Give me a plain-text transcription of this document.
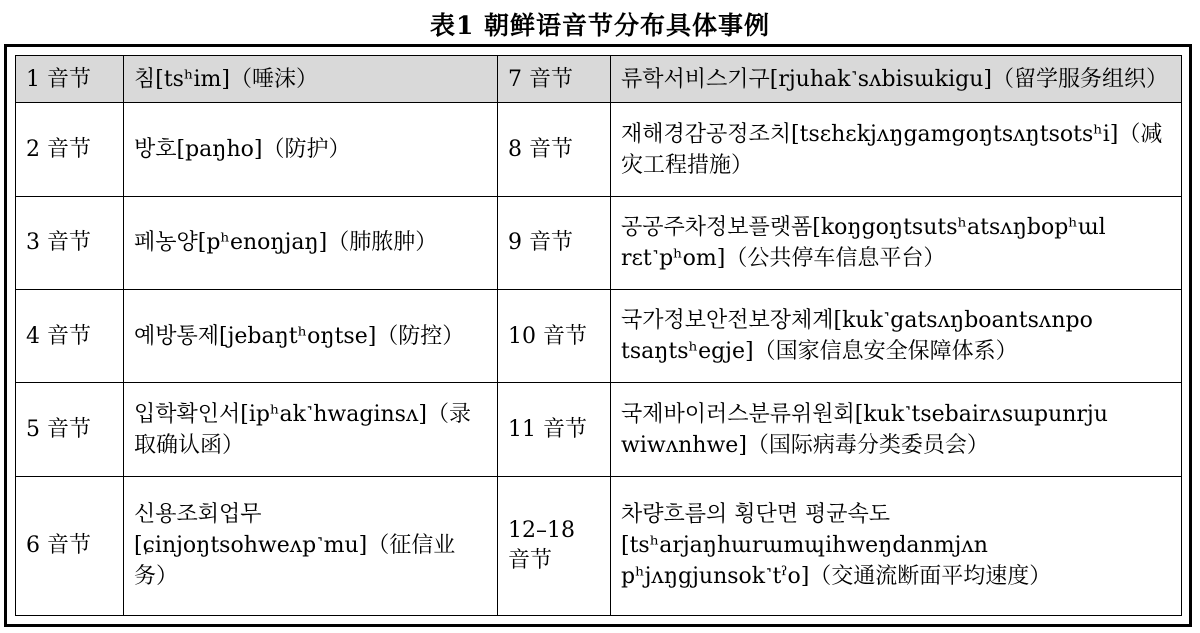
表1 朝鲜语音节分布具体事例
1 音节	침[tsʰim]（唾沫）	7 音节	류학서비스기구[rjuhak˺sʌbisɯkigu]（留学服务组织）
2 音节	방호[paŋho]（防护）	8 音节	재해경감공정조치[tsɛhɛkjʌŋgamgoŋtsʌŋtsotsʰi]（减灾工程措施）
3 音节	페농양[pʰenoŋjaŋ]（肺脓肿）	9 音节	공공주차정보플랫폼[koŋgoŋtsutsʰatsʌŋbopʰɯl rɛt˺pʰom]（公共停车信息平台）
4 音节	예방통제[jebaŋtʰoŋtse]（防控）	10 音节	국가정보안전보장체계[kuk˺gatsʌŋboantsʌnpo tsaŋtsʰegje]（国家信息安全保障体系）
5 音节	입학확인서[ipʰak˺hwaginsʌ]（录取确认函）	11 音节	국제바이러스분류위원회[kuk˺tsebairʌsɯpunrju wiwʌnhwe]（国际病毒分类委员会）
6 音节	신용조회업무[ɕinjoŋtsohweʌp˺mu]（征信业务）	12–18 音节	차량흐름의 횡단면 평균속도[tsʰarjaŋhɯrɯmɰihweŋdanmjʌn pʰjʌŋgjunsok˺tˀo]（交通流断面平均速度）
